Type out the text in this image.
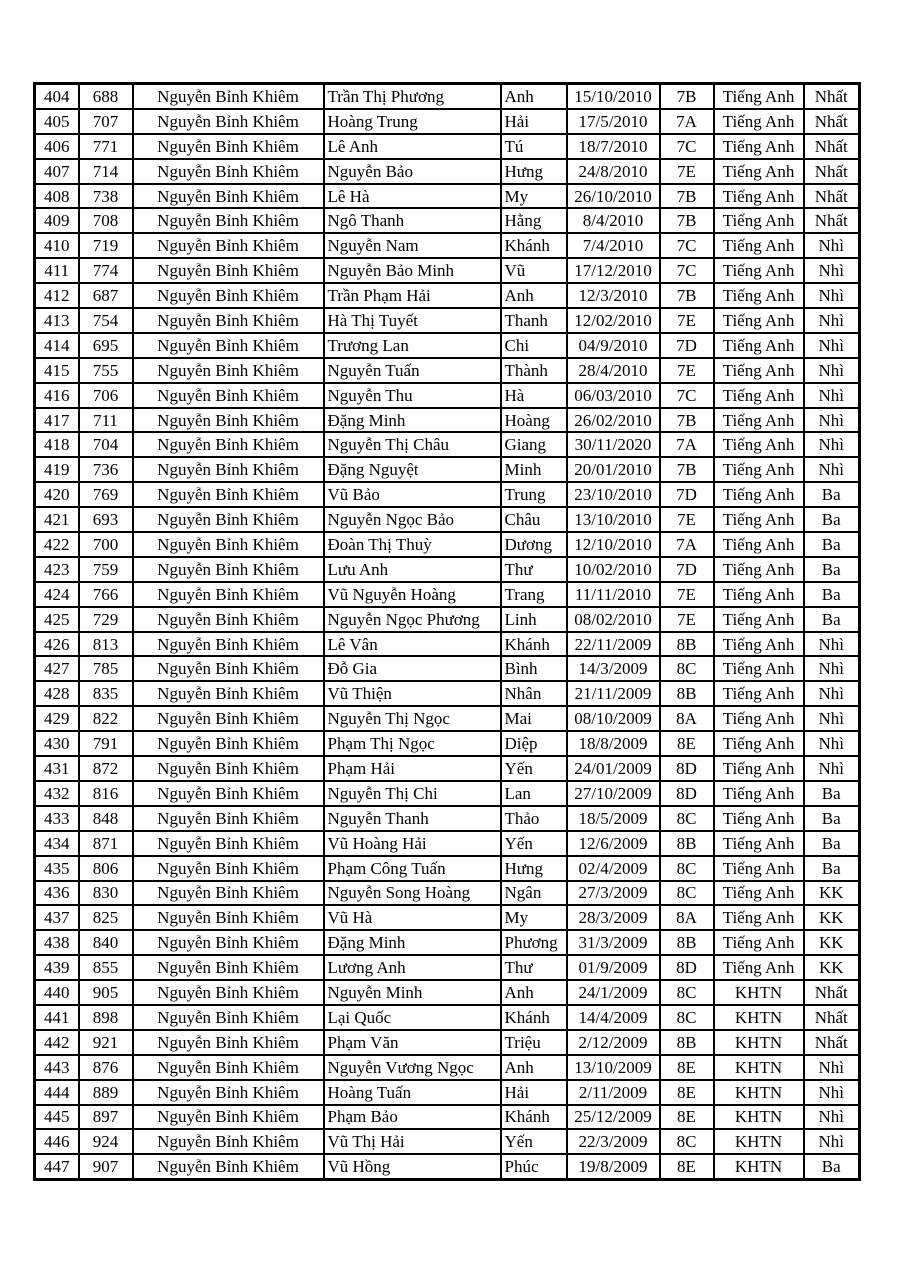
404	688	Nguyễn Bỉnh Khiêm	Trần Thị Phương	Anh	15/10/2010	7B	Tiếng Anh	Nhất
405	707	Nguyễn Bỉnh Khiêm	Hoàng Trung	Hải	17/5/2010	7A	Tiếng Anh	Nhất
406	771	Nguyễn Bỉnh Khiêm	Lê Anh	Tú	18/7/2010	7C	Tiếng Anh	Nhất
407	714	Nguyễn Bỉnh Khiêm	Nguyễn Bảo	Hưng	24/8/2010	7E	Tiếng Anh	Nhất
408	738	Nguyễn Bỉnh Khiêm	Lê Hà	My	26/10/2010	7B	Tiếng Anh	Nhất
409	708	Nguyễn Bỉnh Khiêm	Ngô Thanh	Hằng	8/4/2010	7B	Tiếng Anh	Nhất
410	719	Nguyễn Bỉnh Khiêm	Nguyễn Nam	Khánh	7/4/2010	7C	Tiếng Anh	Nhì
411	774	Nguyễn Bỉnh Khiêm	Nguyễn Bảo Minh	Vũ	17/12/2010	7C	Tiếng Anh	Nhì
412	687	Nguyễn Bỉnh Khiêm	Trần Phạm Hải	Anh	12/3/2010	7B	Tiếng Anh	Nhì
413	754	Nguyễn Bỉnh Khiêm	Hà Thị Tuyết	Thanh	12/02/2010	7E	Tiếng Anh	Nhì
414	695	Nguyễn Bỉnh Khiêm	Trương Lan	Chi	04/9/2010	7D	Tiếng Anh	Nhì
415	755	Nguyễn Bỉnh Khiêm	Nguyễn Tuấn	Thành	28/4/2010	7E	Tiếng Anh	Nhì
416	706	Nguyễn Bỉnh Khiêm	Nguyễn Thu	Hà	06/03/2010	7C	Tiếng Anh	Nhì
417	711	Nguyễn Bỉnh Khiêm	Đặng Minh	Hoàng	26/02/2010	7B	Tiếng Anh	Nhì
418	704	Nguyễn Bỉnh Khiêm	Nguyễn Thị Châu	Giang	30/11/2020	7A	Tiếng Anh	Nhì
419	736	Nguyễn Bỉnh Khiêm	Đặng Nguyệt	Minh	20/01/2010	7B	Tiếng Anh	Nhì
420	769	Nguyễn Bỉnh Khiêm	Vũ Bảo	Trung	23/10/2010	7D	Tiếng Anh	Ba
421	693	Nguyễn Bỉnh Khiêm	Nguyễn Ngọc Bảo	Châu	13/10/2010	7E	Tiếng Anh	Ba
422	700	Nguyễn Bỉnh Khiêm	Đoàn Thị Thuỳ	Dương	12/10/2010	7A	Tiếng Anh	Ba
423	759	Nguyễn Bỉnh Khiêm	Lưu Anh	Thư	10/02/2010	7D	Tiếng Anh	Ba
424	766	Nguyễn Bỉnh Khiêm	Vũ Nguyễn Hoàng	Trang	11/11/2010	7E	Tiếng Anh	Ba
425	729	Nguyễn Bỉnh Khiêm	Nguyễn Ngọc Phương	Linh	08/02/2010	7E	Tiếng Anh	Ba
426	813	Nguyễn Bỉnh Khiêm	Lê Vân	Khánh	22/11/2009	8B	Tiếng Anh	Nhì
427	785	Nguyễn Bỉnh Khiêm	Đỗ Gia	Bình	14/3/2009	8C	Tiếng Anh	Nhì
428	835	Nguyễn Bỉnh Khiêm	Vũ Thiện	Nhân	21/11/2009	8B	Tiếng Anh	Nhì
429	822	Nguyễn Bỉnh Khiêm	Nguyễn Thị Ngọc	Mai	08/10/2009	8A	Tiếng Anh	Nhì
430	791	Nguyễn Bỉnh Khiêm	Phạm Thị Ngọc	Diệp	18/8/2009	8E	Tiếng Anh	Nhì
431	872	Nguyễn Bỉnh Khiêm	Phạm Hải	Yến	24/01/2009	8D	Tiếng Anh	Nhì
432	816	Nguyễn Bỉnh Khiêm	Nguyễn Thị Chi	Lan	27/10/2009	8D	Tiếng Anh	Ba
433	848	Nguyễn Bỉnh Khiêm	Nguyễn Thanh	Thảo	18/5/2009	8C	Tiếng Anh	Ba
434	871	Nguyễn Bỉnh Khiêm	Vũ Hoàng Hải	Yến	12/6/2009	8B	Tiếng Anh	Ba
435	806	Nguyễn Bỉnh Khiêm	Phạm Công Tuấn	Hưng	02/4/2009	8C	Tiếng Anh	Ba
436	830	Nguyễn Bỉnh Khiêm	Nguyễn Song Hoàng	Ngân	27/3/2009	8C	Tiếng Anh	KK
437	825	Nguyễn Bỉnh Khiêm	Vũ Hà	My	28/3/2009	8A	Tiếng Anh	KK
438	840	Nguyễn Bỉnh Khiêm	Đặng Minh	Phương	31/3/2009	8B	Tiếng Anh	KK
439	855	Nguyễn Bỉnh Khiêm	Lương Anh	Thư	01/9/2009	8D	Tiếng Anh	KK
440	905	Nguyễn Bỉnh Khiêm	Nguyễn Minh	Anh	24/1/2009	8C	KHTN	Nhất
441	898	Nguyễn Bỉnh Khiêm	Lại Quốc	Khánh	14/4/2009	8C	KHTN	Nhất
442	921	Nguyễn Bỉnh Khiêm	Phạm Văn	Triệu	2/12/2009	8B	KHTN	Nhất
443	876	Nguyễn Bỉnh Khiêm	Nguyễn Vương Ngọc	Anh	13/10/2009	8E	KHTN	Nhì
444	889	Nguyễn Bỉnh Khiêm	Hoàng Tuấn	Hải	2/11/2009	8E	KHTN	Nhì
445	897	Nguyễn Bỉnh Khiêm	Phạm Bảo	Khánh	25/12/2009	8E	KHTN	Nhì
446	924	Nguyễn Bỉnh Khiêm	Vũ Thị Hải	Yến	22/3/2009	8C	KHTN	Nhì
447	907	Nguyễn Bỉnh Khiêm	Vũ Hồng	Phúc	19/8/2009	8E	KHTN	Ba
